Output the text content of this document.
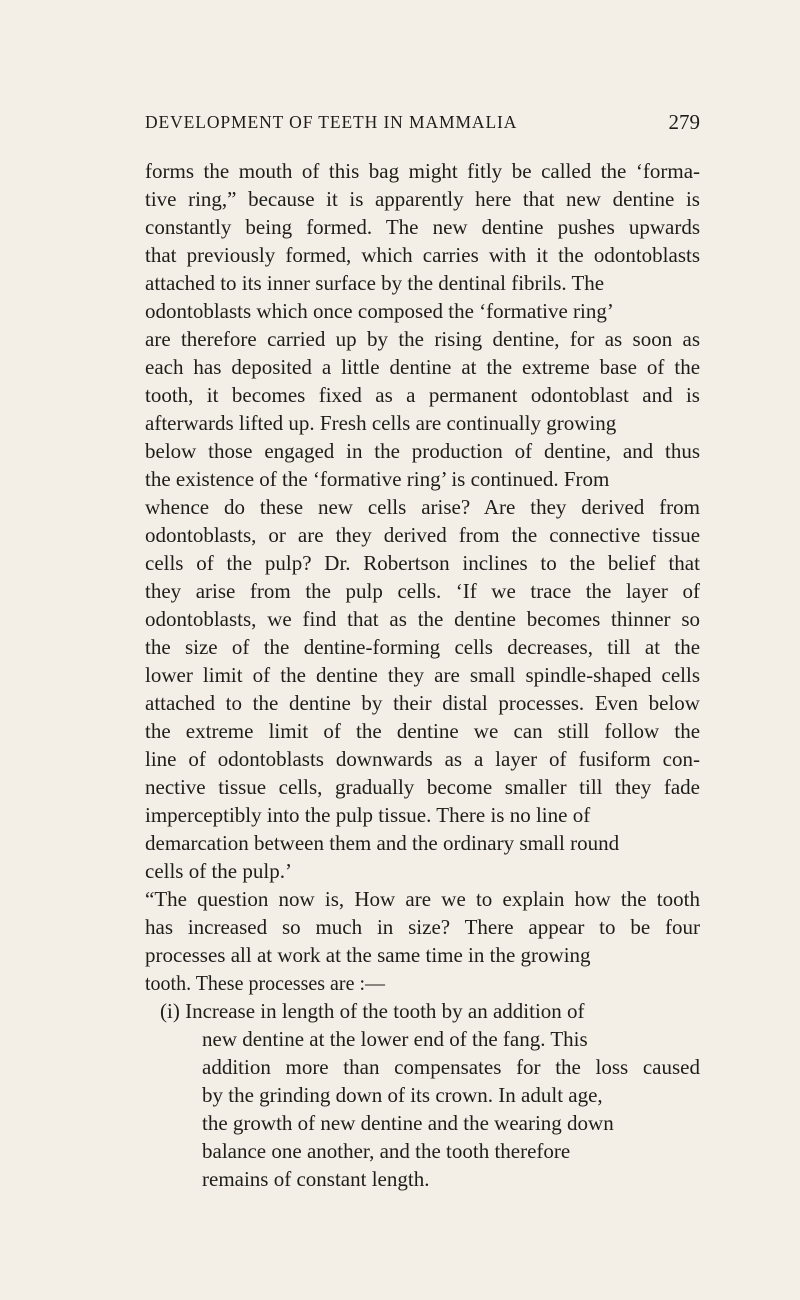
DEVELOPMENT OF TEETH IN MAMMALIA	279
forms the mouth of this bag might fitly be called the ‘forma-
tive ring,” because it is apparently here that new dentine is
constantly being formed. The new dentine pushes upwards
that previously formed, which carries with it the odontoblasts
attached to its inner surface by the dentinal fibrils. The
odontoblasts which once composed the ‘formative ring’
are therefore carried up by the rising dentine, for as soon as
each has deposited a little dentine at the extreme base of the
tooth, it becomes fixed as a permanent odontoblast and is
afterwards lifted up. Fresh cells are continually growing
below those engaged in the production of dentine, and thus
the existence of the ‘formative ring’ is continued. From
whence do these new cells arise? Are they derived from
odontoblasts, or are they derived from the connective tissue
cells of the pulp? Dr. Robertson inclines to the belief that
they arise from the pulp cells. ‘If we trace the layer of
odontoblasts, we find that as the dentine becomes thinner so
the size of the dentine-forming cells decreases, till at the
lower limit of the dentine they are small spindle-shaped cells
attached to the dentine by their distal processes. Even below
the extreme limit of the dentine we can still follow the
line of odontoblasts downwards as a layer of fusiform con-
nective tissue cells, gradually become smaller till they fade
imperceptibly into the pulp tissue. There is no line of
demarcation between them and the ordinary small round
cells of the pulp.’
“The question now is, How are we to explain how the tooth
has increased so much in size? There appear to be four
processes all at work at the same time in the growing
tooth. These processes are :—
(i) Increase in length of the tooth by an addition of
new dentine at the lower end of the fang. This
addition more than compensates for the loss caused
by the grinding down of its crown. In adult age,
the growth of new dentine and the wearing down
balance one another, and the tooth therefore
remains of constant length.
